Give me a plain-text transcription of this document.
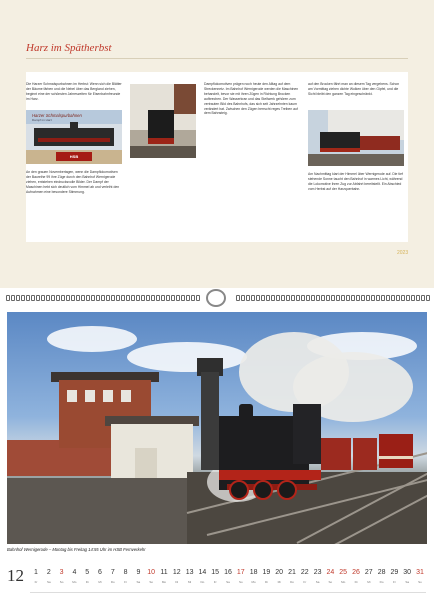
Harz im Spätherbst
Die Harzer Schmalspurbahnen im Herbst: Wenn sich die Blätter der Bäume färben und die Nebel über das Bergland ziehen, beginnt eine der schönsten Jahreszeiten für Eisenbahnfreunde im Harz.
Harzer Schmalspurbahnen
Dampf im Harz
HSB
An den grauen Novembertagen, wenn die Dampflokomotiven der Baureihe 99 ihre Züge durch den Bahnhof Wernigerode ziehen, entstehen eindrucksvolle Bilder. Der Dampf der Maschinen hebt sich deutlich vom Himmel ab und verleiht den Aufnahmen eine besondere Stimmung.
Dampflokomotiven prägen noch heute den Alltag auf dem Streckennetz. Im Bahnhof Wernigerode werden die Maschinen behandelt, bevor sie mit ihren Zügen in Richtung Brocken aufbrechen. Der Wasserkran und das Stellwerk gehören zum vertrauten Bild des Bahnhofs, das sich seit Jahrzehnten kaum verändert hat. Zwischen den Zügen herrscht reges Treiben auf dem Bahnsteig.
auf den Brocken fährt man an diesem Tag vergebens. Schon am Vormittag ziehen dichte Wolken über den Gipfel, und die Sicht bleibt den ganzen Tag eingeschränkt.
Am Nachmittag klart der Himmel über Wernigerode auf. Die tief stehende Sonne taucht den Bahnhof in warmes Licht, während die Lokomotive ihren Zug zur Abfahrt bereitstellt. Ein Abschied vom Herbst auf der Harzquerbahn.
2023
Bahnhof Wernigerode – Montag bis Freitag 14:55 Uhr im HSB Fernverkehr
12	1
Fr
2
Sa
3
So
4
Mo
5
Di
6
Mi
7
Do
8
Fr
9
Sa
10
So
11
Mo
12
Di
13
Mi
14
Do
15
Fr
16
Sa
17
So
18
Mo
19
Di
20
Mi
21
Do
22
Fr
23
Sa
24
So
25
Mo
26
Di
27
Mi
28
Do
29
Fr
30
Sa
31
So
